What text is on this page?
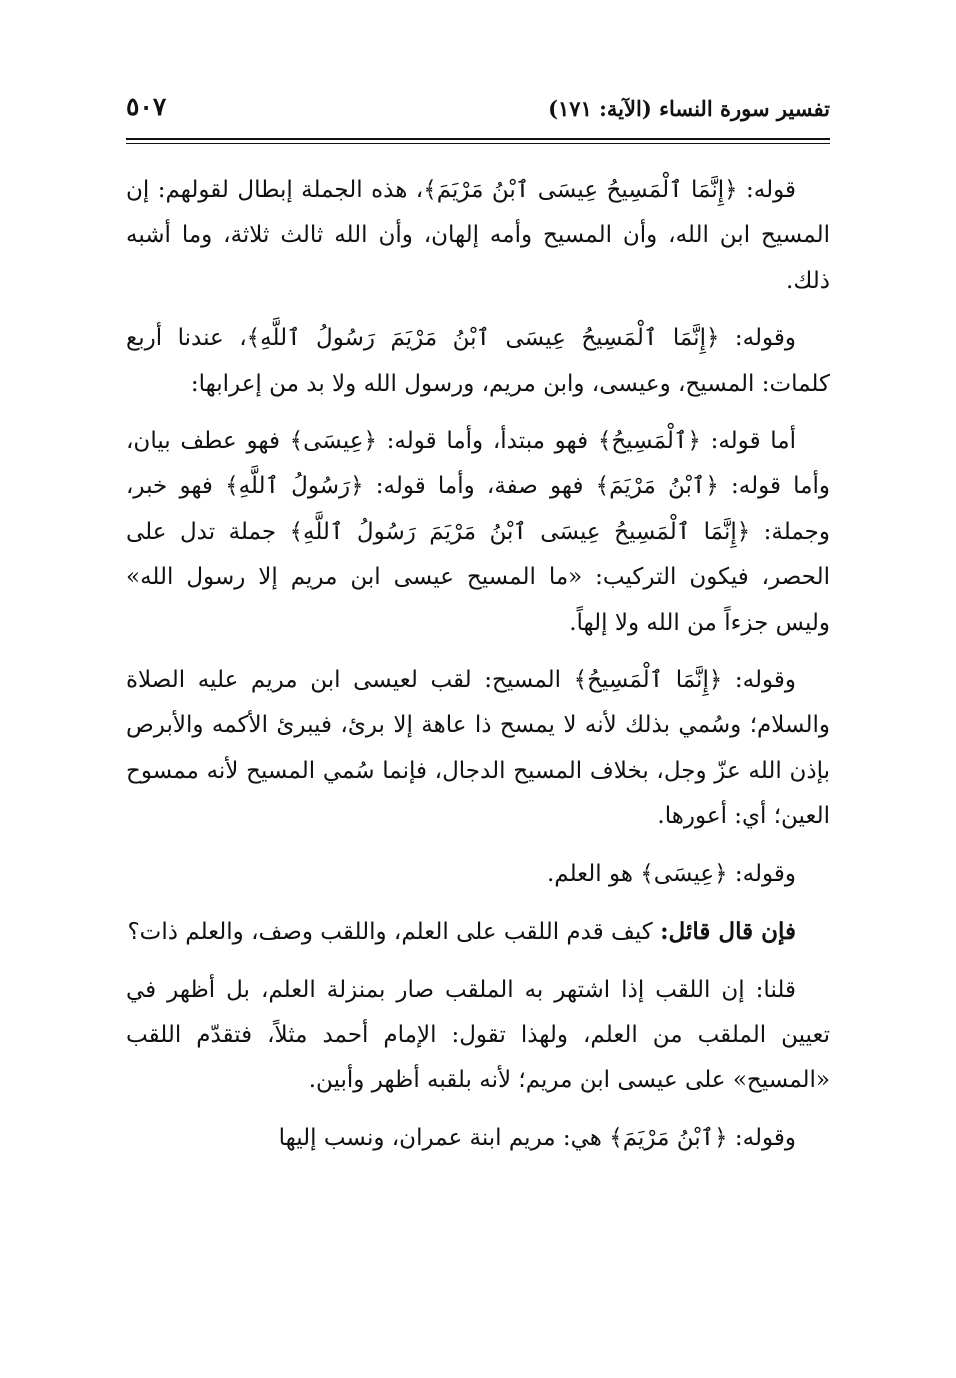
تفسير سورة النساء (الآية: ١٧١)
٥٠٧

قوله: ﴿إِنَّمَا ٱلْمَسِيحُ عِيسَى ٱبْنُ مَرْيَمَ﴾، هذه الجملة إبطال لقولهم: إن المسيح ابن الله، وأن المسيح وأمه إلهان، وأن الله ثالث ثلاثة، وما أشبه ذلك.

وقوله: ﴿إِنَّمَا ٱلْمَسِيحُ عِيسَى ٱبْنُ مَرْيَمَ رَسُولُ ٱللَّهِ﴾، عندنا أربع كلمات: المسيح، وعيسى، وابن مريم، ورسول الله ولا بد من إعرابها:

أما قوله: ﴿ٱلْمَسِيحُ﴾ فهو مبتدأ، وأما قوله: ﴿عِيسَى﴾ فهو عطف بيان، وأما قوله: ﴿ٱبْنُ مَرْيَمَ﴾ فهو صفة، وأما قوله: ﴿رَسُولُ ٱللَّهِ﴾ فهو خبر، وجملة: ﴿إِنَّمَا ٱلْمَسِيحُ عِيسَى ٱبْنُ مَرْيَمَ رَسُولُ ٱللَّهِ﴾ جملة تدل على الحصر، فيكون التركيب: «ما المسيح عيسى ابن مريم إلا رسول الله» وليس جزءاً من الله ولا إلهاً.

وقوله: ﴿إِنَّمَا ٱلْمَسِيحُ﴾ المسيح: لقب لعيسى ابن مريم عليه الصلاة والسلام؛ وسُمي بذلك لأنه لا يمسح ذا عاهة إلا برئ، فيبرئ الأكمه والأبرص بإذن الله عزّ وجل، بخلاف المسيح الدجال، فإنما سُمي المسيح لأنه ممسوح العين؛ أي: أعورها.

وقوله: ﴿عِيسَى﴾ هو العلم.

فإن قال قائل: كيف قدم اللقب على العلم، واللقب وصف، والعلم ذات؟

قلنا: إن اللقب إذا اشتهر به الملقب صار بمنزلة العلم، بل أظهر في تعيين الملقب من العلم، ولهذا تقول: الإمام أحمد مثلاً، فتقدّم اللقب «المسيح» على عيسى ابن مريم؛ لأنه بلقبه أظهر وأبين.

وقوله: ﴿ٱبْنُ مَرْيَمَ﴾ هي: مريم ابنة عمران، ونسب إليها
